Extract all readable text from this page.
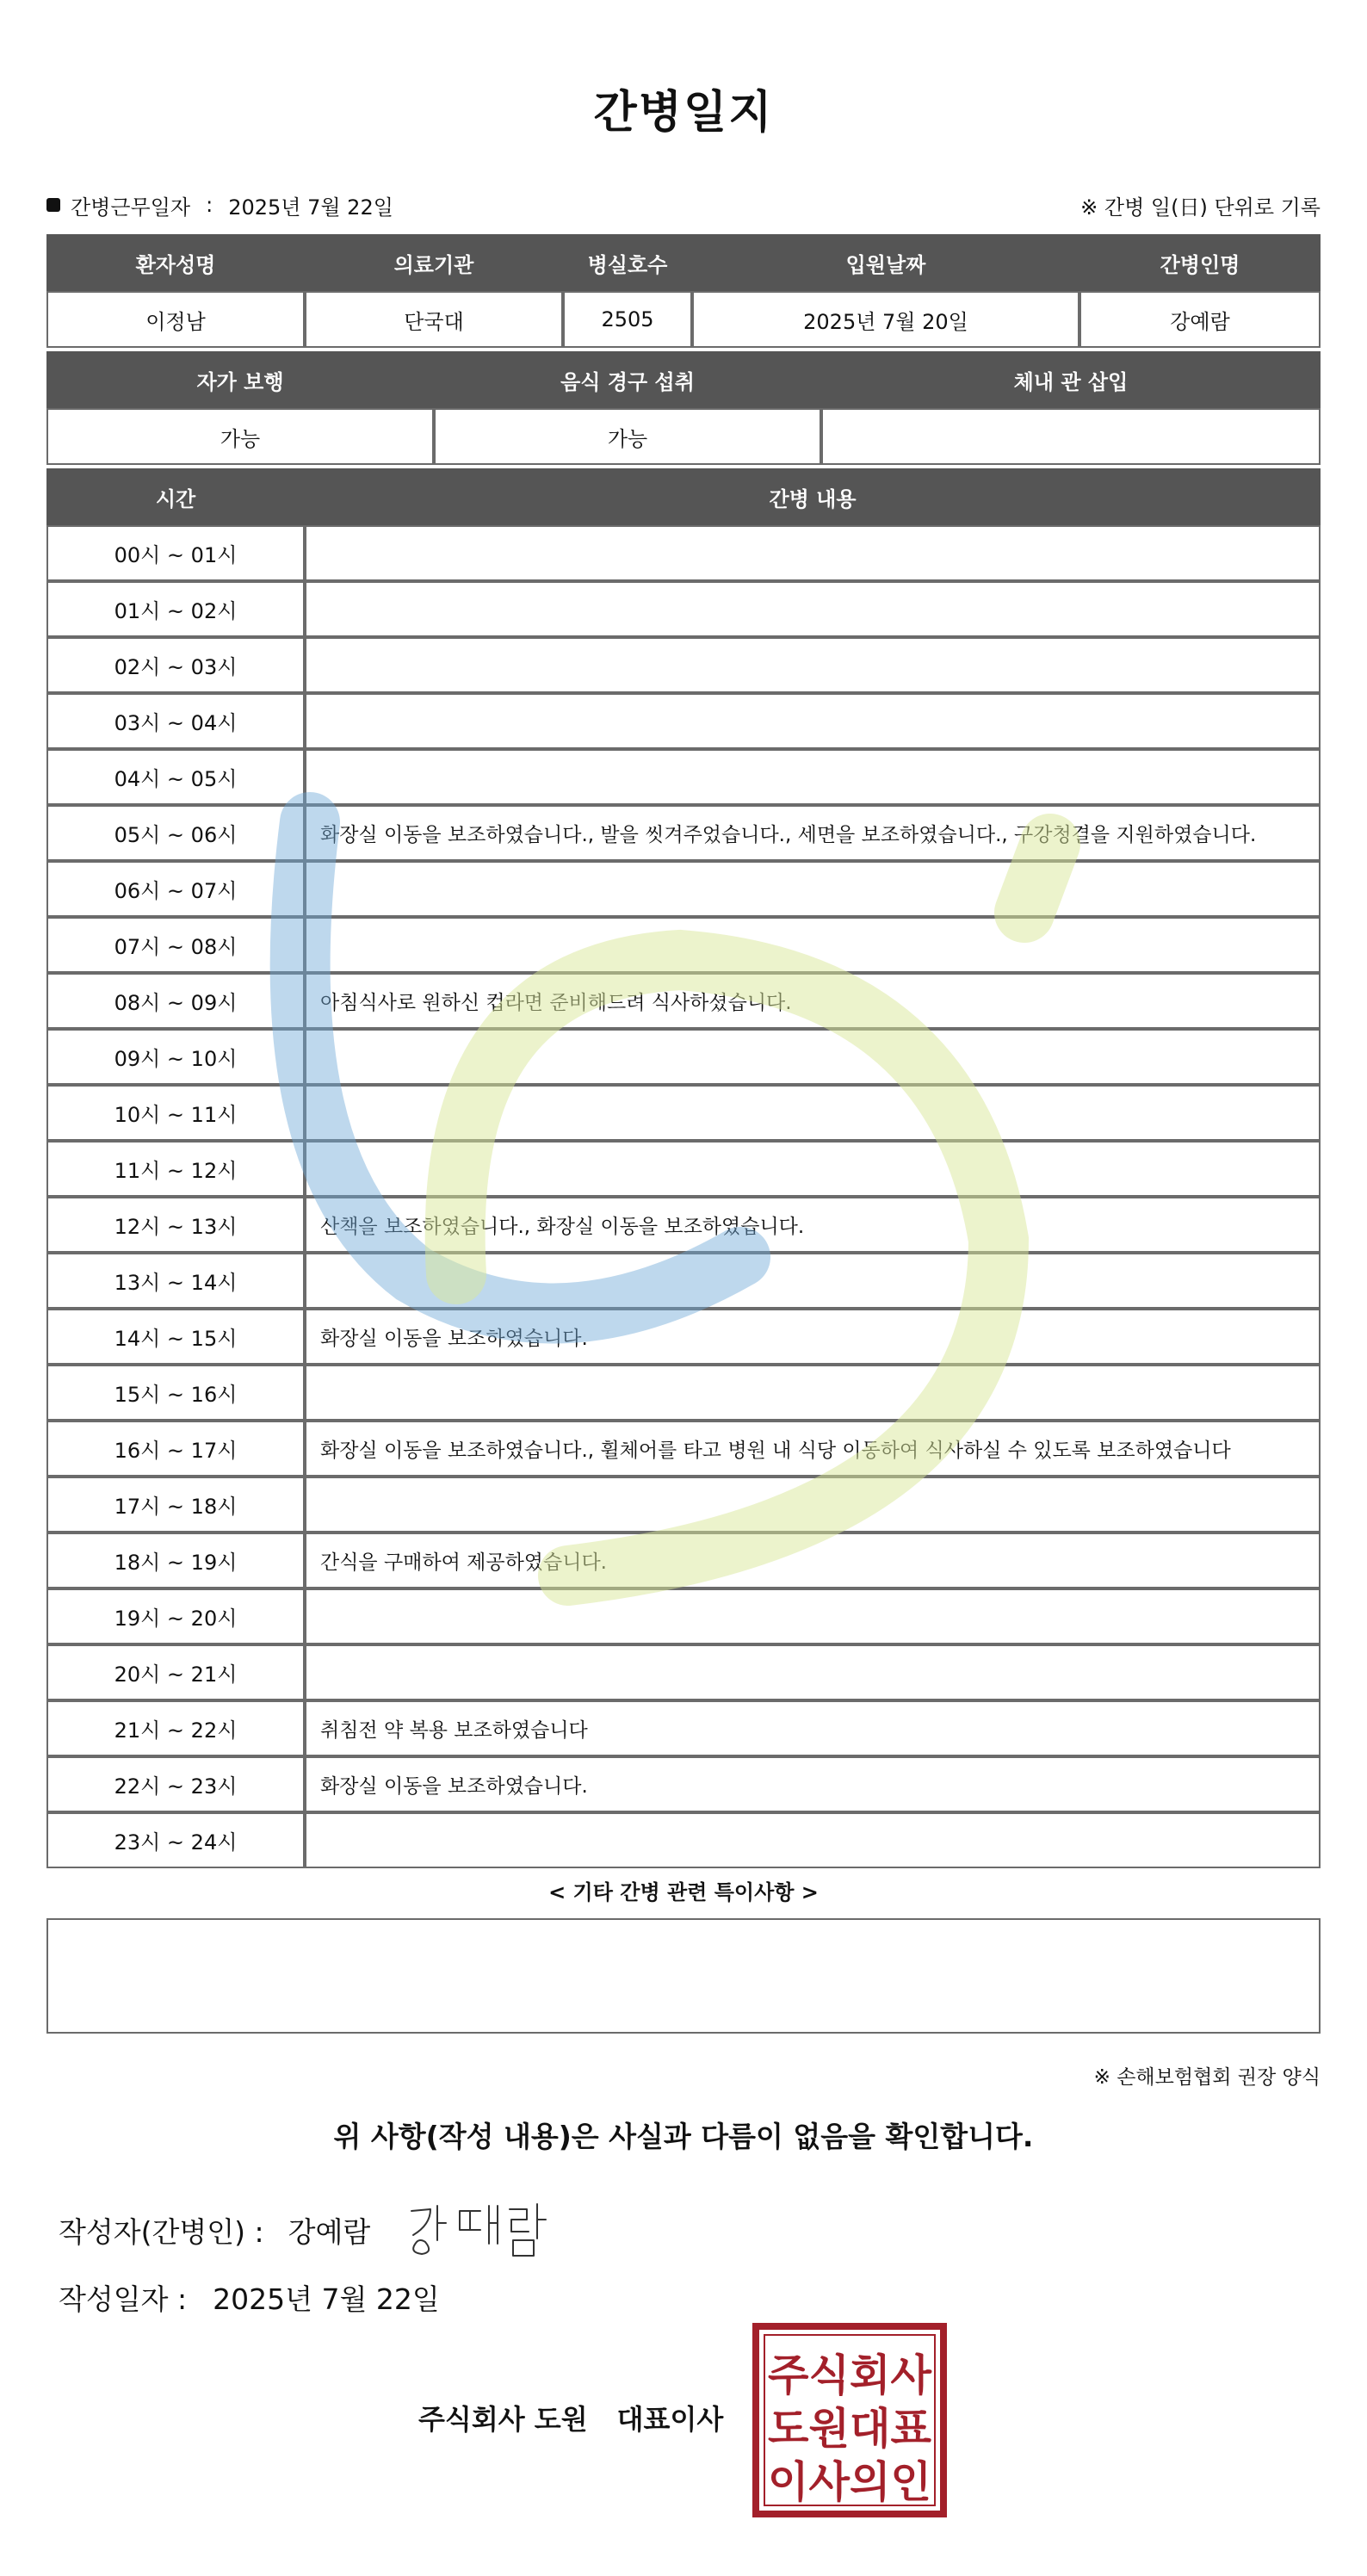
간병일지
간병근무일자 : 2025년 7월 22일	※ 간병 일(日) 단위로 기록
환자성명	의료기관	병실호수	입원날짜	간병인명
이정남	단국대	2505	2025년 7월 20일	강예람
자가 보행	음식 경구 섭취	체내 관 삽입
가능	가능	
시간	간병 내용
00시 ~ 01시	
01시 ~ 02시	
02시 ~ 03시	
03시 ~ 04시	
04시 ~ 05시	
05시 ~ 06시	화장실 이동을 보조하였습니다., 발을 씻겨주었습니다., 세면을 보조하였습니다., 구강청결을 지원하였습니다.
06시 ~ 07시	
07시 ~ 08시	
08시 ~ 09시	아침식사로 원하신 컵라면 준비해드려 식사하셨습니다.
09시 ~ 10시	
10시 ~ 11시	
11시 ~ 12시	
12시 ~ 13시	산책을 보조하였습니다., 화장실 이동을 보조하였습니다.
13시 ~ 14시	
14시 ~ 15시	화장실 이동을 보조하였습니다.
15시 ~ 16시	
16시 ~ 17시	화장실 이동을 보조하였습니다., 휠체어를 타고 병원 내 식당 이동하여 식사하실 수 있도록 보조하였습니다
17시 ~ 18시	
18시 ~ 19시	간식을 구매하여 제공하였습니다.
19시 ~ 20시	
20시 ~ 21시	
21시 ~ 22시	취침전 약 복용 보조하였습니다
22시 ~ 23시	화장실 이동을 보조하였습니다.
23시 ~ 24시	
< 기타 간병 관련 특이사항 >
※ 손해보험협회 권장 양식
위 사항(작성 내용)은 사실과 다름이 없음을 확인합니다.
작성자(간병인) : 강예람
작성일자 : 2025년 7월 22일
주식회사 도원 대표이사
주식회사
도원대표
이사의인
